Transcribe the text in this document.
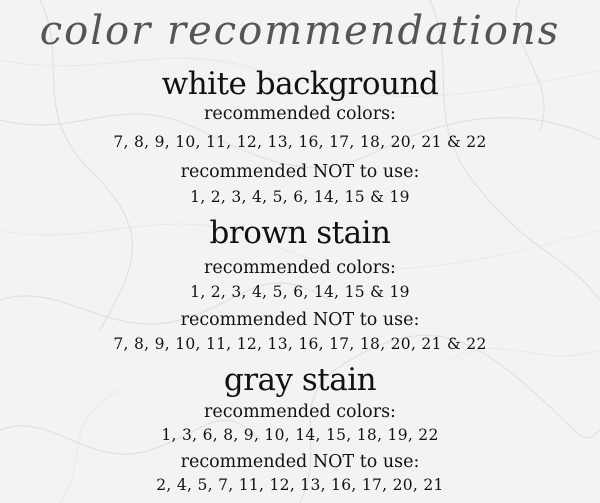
color recommendations
white background
recommended colors:
7, 8, 9, 10, 11, 12, 13, 16, 17, 18, 20, 21 & 22
recommended NOT to use:
1, 2, 3, 4, 5, 6, 14, 15 & 19
brown stain
recommended colors:
1, 2, 3, 4, 5, 6, 14, 15 & 19
recommended NOT to use:
7, 8, 9, 10, 11, 12, 13, 16, 17, 18, 20, 21 & 22
gray stain
recommended colors:
1, 3, 6, 8, 9, 10, 14, 15, 18, 19, 22
recommended NOT to use:
2, 4, 5, 7, 11, 12, 13, 16, 17, 20, 21
